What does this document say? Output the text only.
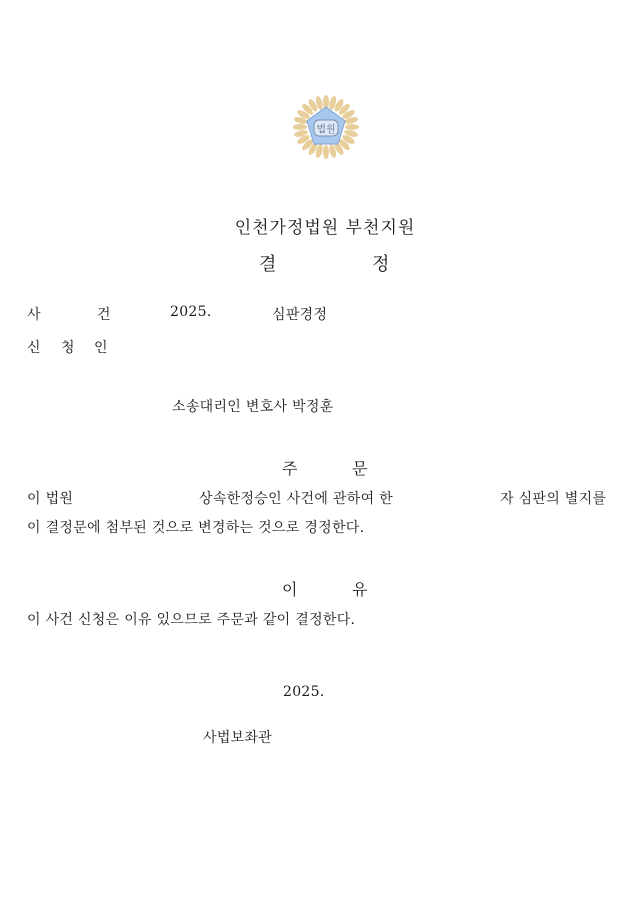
법원
인천가정법원 부천지원
결	정
사	건	2025.	심판경정
신 청 인
소송대리인 변호사 박정훈
주	문
이 법원	상속한정승인 사건에 관하여 한	자 심판의 별지를
이 결정문에 첨부된 것으로 변경하는 것으로 경정한다.
이	유
이 사건 신청은 이유 있으므로 주문과 같이 결정한다.
2025.
사법보좌관
